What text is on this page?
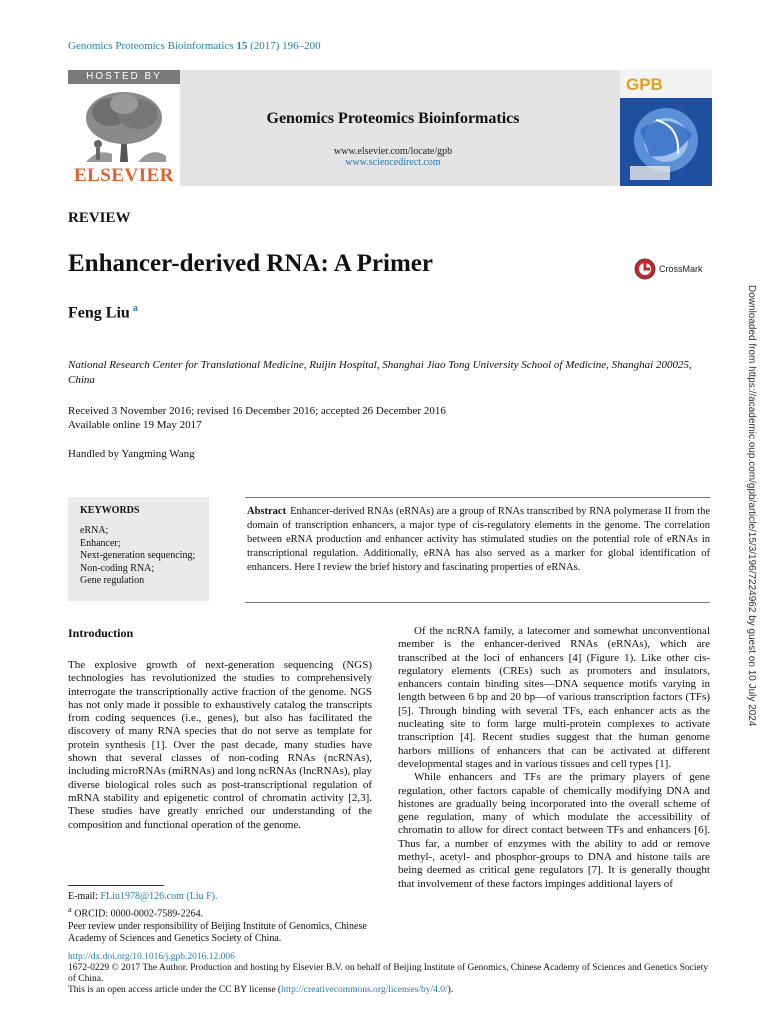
Genomics Proteomics Bioinformatics 15 (2017) 196–200
HOSTED BY
ELSEVIER
Genomics Proteomics Bioinformatics
www.elsevier.com/locate/gpb
www.sciencedirect.com
GPB
REVIEW
Enhancer-derived RNA: A Primer	CrossMark
Feng Liu $^a$
National Research Center for Translational Medicine, Ruijin Hospital, Shanghai Jiao Tong University School of Medicine, Shanghai 200025, China
Received 3 November 2016; revised 16 December 2016; accepted 26 December 2016
Available online 19 May 2017
Handled by Yangming Wang
KEYWORDS
eRNA;
Enhancer;
Next-generation sequencing;
Non-coding RNA;
Gene regulation
Abstract Enhancer-derived RNAs (eRNAs) are a group of RNAs transcribed by RNA polymerase II from the domain of transcription enhancers, a major type of cis-regulatory elements in the genome. The correlation between eRNA production and enhancer activity has stimulated studies on the potential role of eRNAs in transcriptional regulation. Additionally, eRNA has also served as a marker for global identification of enhancers. Here I review the brief history and fascinating properties of eRNAs.
Introduction

The explosive growth of next-generation sequencing (NGS) technologies has revolutionized the studies to comprehensively interrogate the transcriptionally active fraction of the genome. NGS has not only made it possible to exhaustively catalog the transcripts from coding sequences (i.e., genes), but also has facilitated the discovery of many RNA species that do not serve as template for protein synthesis [1]. Over the past decade, many studies have shown that several classes of non-coding RNAs (ncRNAs), including microRNAs (miRNAs) and long ncRNAs (lncRNAs), play diverse biological roles such as post-transcriptional regulation of mRNA stability and epigenetic control of chromatin activity [2,3]. These studies have greatly enriched our understanding of the composition and functional operation of the genome.

Of the ncRNA family, a latecomer and somewhat unconventional member is the enhancer-derived RNAs (eRNAs), which are transcribed at the loci of enhancers [4] (Figure 1). Like other cis-regulatory elements (CREs) such as promoters and insulators, enhancers contain binding sites—DNA sequence motifs varying in length between 6 bp and 20 bp—of various transcription factors (TFs) [5]. Through binding with several TFs, each enhancer acts as the nucleating site to form large multi-protein complexes to activate transcription [4]. Recent studies suggest that the human genome harbors millions of enhancers that can be activated at different developmental stages and in various tissues and cell types [1].

While enhancers and TFs are the primary players of gene regulation, other factors capable of chemically modifying DNA and histones are gradually being incorporated into the overall scheme of gene regulation, many of which modulate the accessibility of chromatin to allow for direct contact between TFs and enhancers [6]. Thus far, a number of enzymes with the ability to add or remove methyl-, acetyl- and phosphor-groups to DNA and histone tails are being deemed as critical gene regulators [7]. It is generally thought that involvement of these factors impinges additional layers of

E-mail: FLiu1978@126.com (Liu F).
$^a$ ORCID: 0000-0002-7589-2264.
Peer review under responsibility of Beijing Institute of Genomics, Chinese Academy of Sciences and Genetics Society of China.
http://dx.doi.org/10.1016/j.gpb.2016.12.006
1672-0229 © 2017 The Author. Production and hosting by Elsevier B.V. on behalf of Beijing Institute of Genomics, Chinese Academy of Sciences and Genetics Society of China.
This is an open access article under the CC BY license (http://creativecommons.org/licenses/by/4.0/).
Downloaded from https://academic.oup.com/gpb/article/15/3/196/7224962 by guest on 10 July 2024
